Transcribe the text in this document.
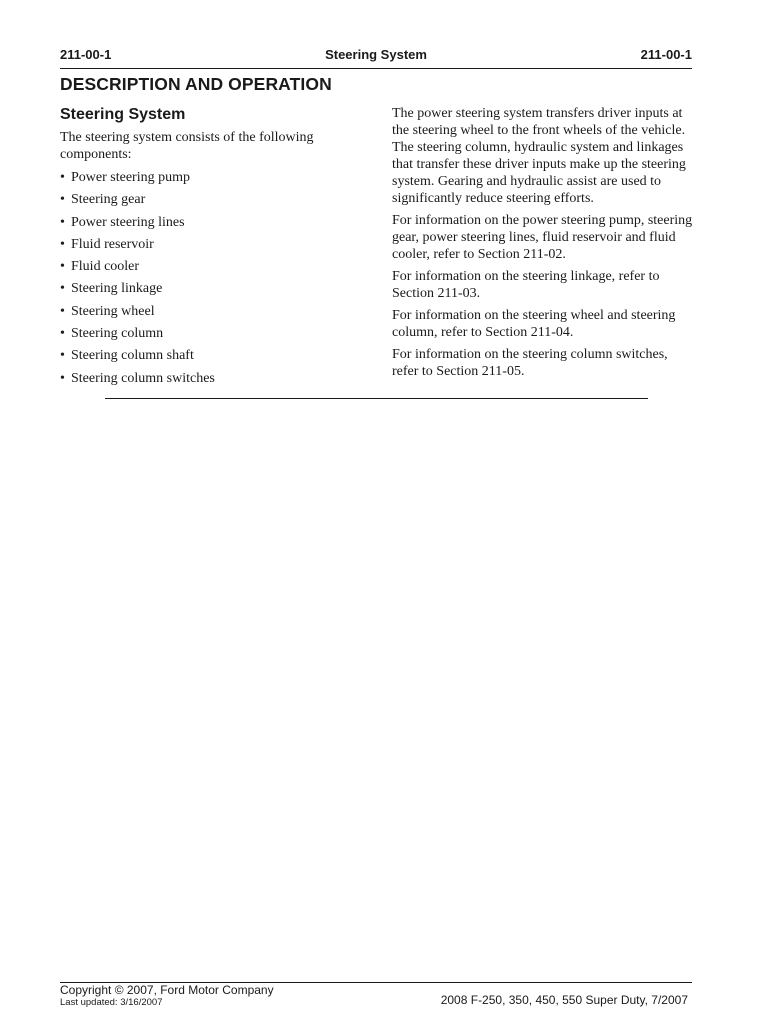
211-00-1	Steering System	211-00-1
DESCRIPTION AND OPERATION
Steering System
The steering system consists of the following components:
• Power steering pump
• Steering gear
• Power steering lines
• Fluid reservoir
• Fluid cooler
• Steering linkage
• Steering wheel
• Steering column
• Steering column shaft
• Steering column switches

The power steering system transfers driver inputs at the steering wheel to the front wheels of the vehicle. The steering column, hydraulic system and linkages that transfer these driver inputs make up the steering system. Gearing and hydraulic assist are used to significantly reduce steering efforts.

For information on the power steering pump, steering gear, power steering lines, fluid reservoir and fluid cooler, refer to Section 211-02.

For information on the steering linkage, refer to Section 211-03.

For information on the steering wheel and steering column, refer to Section 211-04.

For information on the steering column switches, refer to Section 211-05.

Copyright © 2007, Ford Motor Company
Last updated: 3/16/2007	2008 F-250, 350, 450, 550 Super Duty, 7/2007
